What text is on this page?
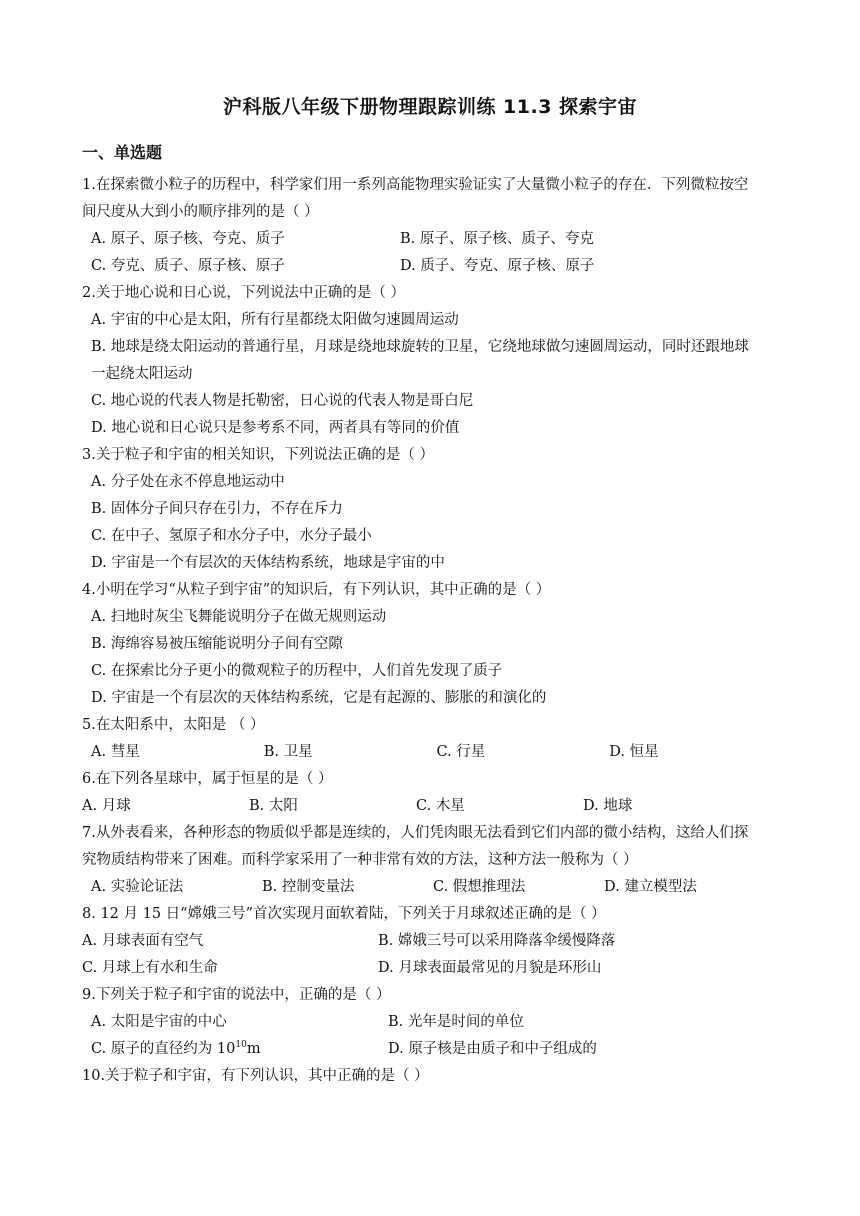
沪科版八年级下册物理跟踪训练 11.3 探索宇宙
一、单选题
1.在探索微小粒子的历程中，科学家们用一系列高能物理实验证实了大量微小粒子的存在．下列微粒按空
间尺度从大到小的顺序排列的是（ ）
A. 原子、原子核、夸克、质子	B. 原子、原子核、质子、夸克
C. 夸克、质子、原子核、原子	D. 质子、夸克、原子核、原子
2.关于地心说和日心说，下列说法中正确的是（ ）
A. 宇宙的中心是太阳，所有行星都绕太阳做匀速圆周运动
B. 地球是绕太阳运动的普通行星，月球是绕地球旋转的卫星，它绕地球做匀速圆周运动，同时还跟地球
一起绕太阳运动
C. 地心说的代表人物是托勒密，日心说的代表人物是哥白尼
D. 地心说和日心说只是参考系不同，两者具有等同的价值
3.关于粒子和宇宙的相关知识，下列说法正确的是（ ）
A. 分子处在永不停息地运动中
B. 固体分子间只存在引力，不存在斥力
C. 在中子、氢原子和水分子中，水分子最小
D. 宇宙是一个有层次的天体结构系统，地球是宇宙的中
4.小明在学习“从粒子到宇宙”的知识后，有下列认识，其中正确的是（ ）
A. 扫地时灰尘飞舞能说明分子在做无规则运动
B. 海绵容易被压缩能说明分子间有空隙
C. 在探索比分子更小的微观粒子的历程中，人们首先发现了质子
D. 宇宙是一个有层次的天体结构系统，它是有起源的、膨胀的和演化的
5.在太阳系中，太阳是 （ ）
A. 彗星	B. 卫星	C. 行星	D. 恒星
6.在下列各星球中，属于恒星的是（ ）
A. 月球	B. 太阳	C. 木星	D. 地球
7.从外表看来，各种形态的物质似乎都是连续的，人们凭肉眼无法看到它们内部的微小结构，这给人们探
究物质结构带来了困难。而科学家采用了一种非常有效的方法，这种方法一般称为（ ）
A. 实验论证法	B. 控制变量法	C. 假想推理法	D. 建立模型法
8. 12 月 15 日“嫦娥三号”首次实现月面软着陆，下列关于月球叙述正确的是（ ）
A. 月球表面有空气	B. 嫦娥三号可以采用降落伞缓慢降落
C. 月球上有水和生命	D. 月球表面最常见的月貌是环形山
9.下列关于粒子和宇宙的说法中，正确的是（ ）
A. 太阳是宇宙的中心	B. 光年是时间的单位
C. 原子的直径约为 $10^{10}m$	D. 原子核是由质子和中子组成的
10.关于粒子和宇宙，有下列认识，其中正确的是（ ）
